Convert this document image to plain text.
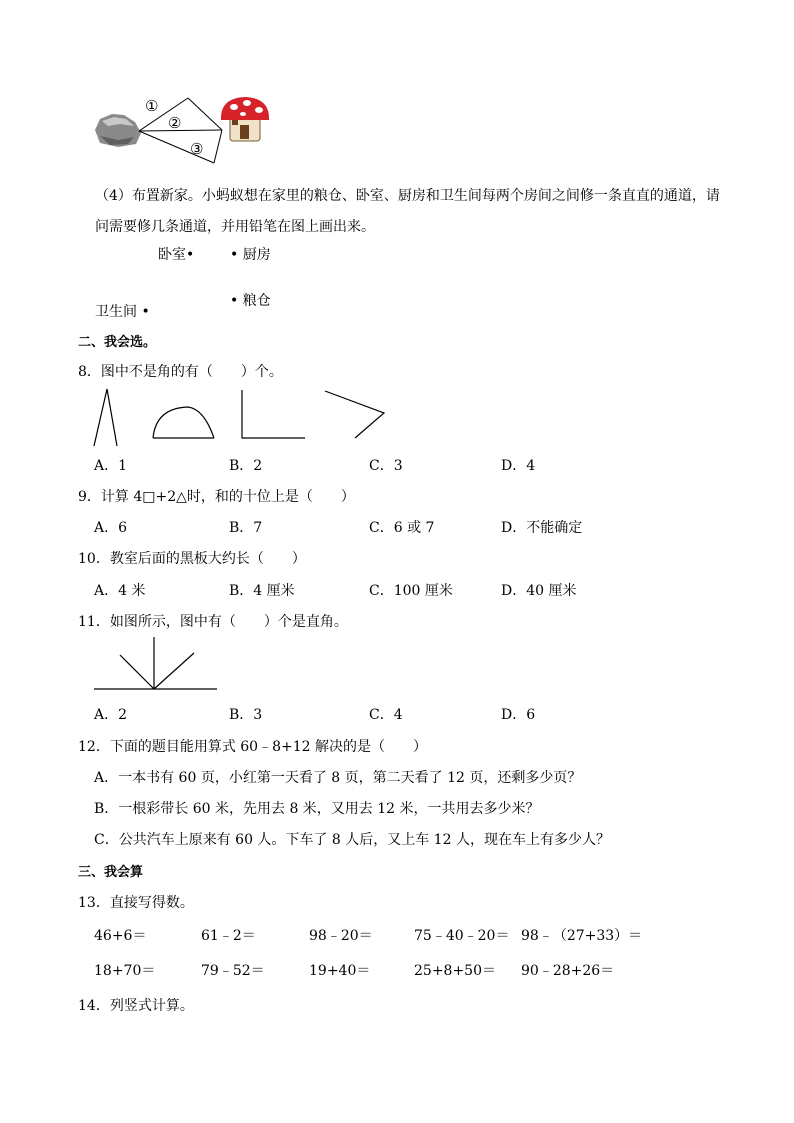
①
②
③
（4）布置新家。小蚂蚁想在家里的粮仓、卧室、厨房和卫生间每两个房间之间修一条直直的通道，请
问需要修几条通道，并用铅笔在图上画出来。
卧室•	• 厨房
• 粮仓
卫生间 •
二、我会选。
8．图中不是角的有（　　）个。
A．1	B．2	C．3	D．4
9．计算 4□+2△时，和的十位上是（　　）
A．6	B．7	C．6 或 7	D．不能确定
10．教室后面的黑板大约长（　　）
A．4 米	B．4 厘米	C．100 厘米	D．40 厘米
11．如图所示，图中有（　　）个是直角。
A．2	B．3	C．4	D．6
12．下面的题目能用算式 60﹣8+12 解决的是（　　）
A．一本书有 60 页，小红第一天看了 8 页，第二天看了 12 页，还剩多少页？
B．一根彩带长 60 米，先用去 8 米，又用去 12 米，一共用去多少米？
C．公共汽车上原来有 60 人。下车了 8 人后，又上车 12 人，现在车上有多少人？
三、我会算
13．直接写得数。
46+6＝	61﹣2＝	98﹣20＝	75﹣40﹣20＝ 98﹣（27+33）＝
18+70＝	79﹣52＝	19+40＝	25+8+50＝ 90﹣28+26＝
14．列竖式计算。
